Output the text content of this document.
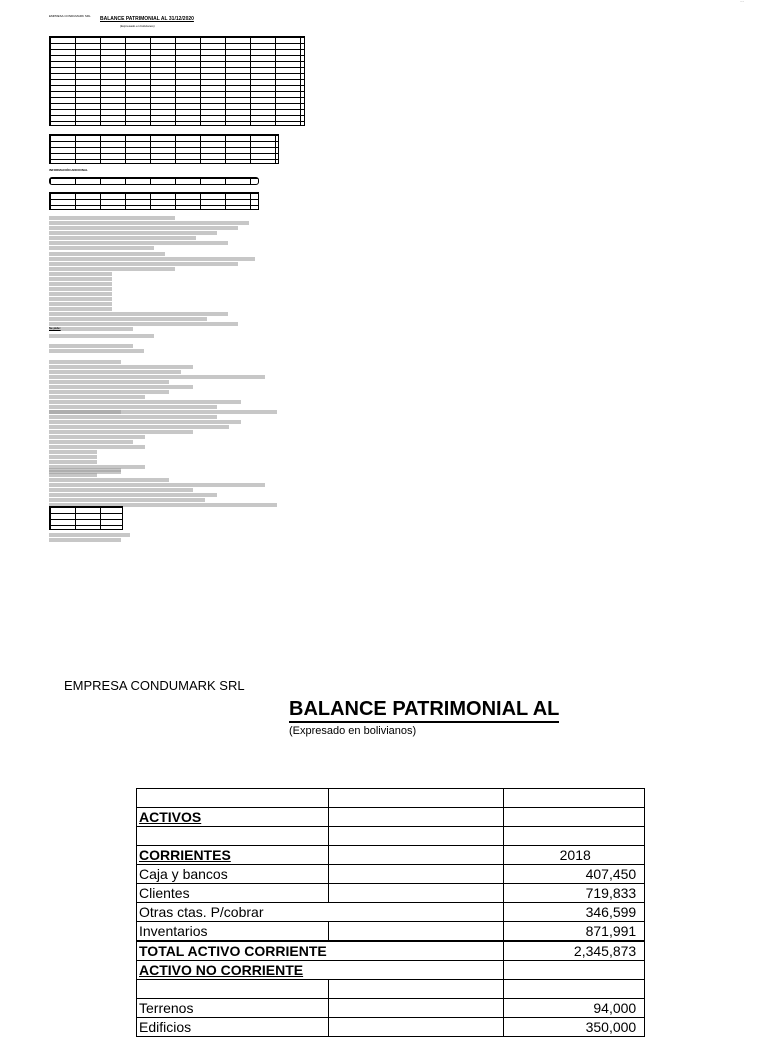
⁻⁻
EMPRESA CONDUMARK SRL BALANCE PATRIMONIAL AL 31/12/2020
(Expresado en bolivianos)
INFORMACIÓN ADICIONAL
Se pide:
EMPRESA CONDUMARK SRL
BALANCE PATRIMONIAL AL
(Expresado en bolivianos)

ACTIVOS		

CORRIENTES		2018
Caja y bancos		407,450
Clientes		719,833
Otras ctas. P/cobrar		346,599
Inventarios		871,991
TOTAL ACTIVO CORRIENTE		2,345,873
ACTIVO NO CORRIENTE		

Terrenos		94,000
Edificios		350,000
